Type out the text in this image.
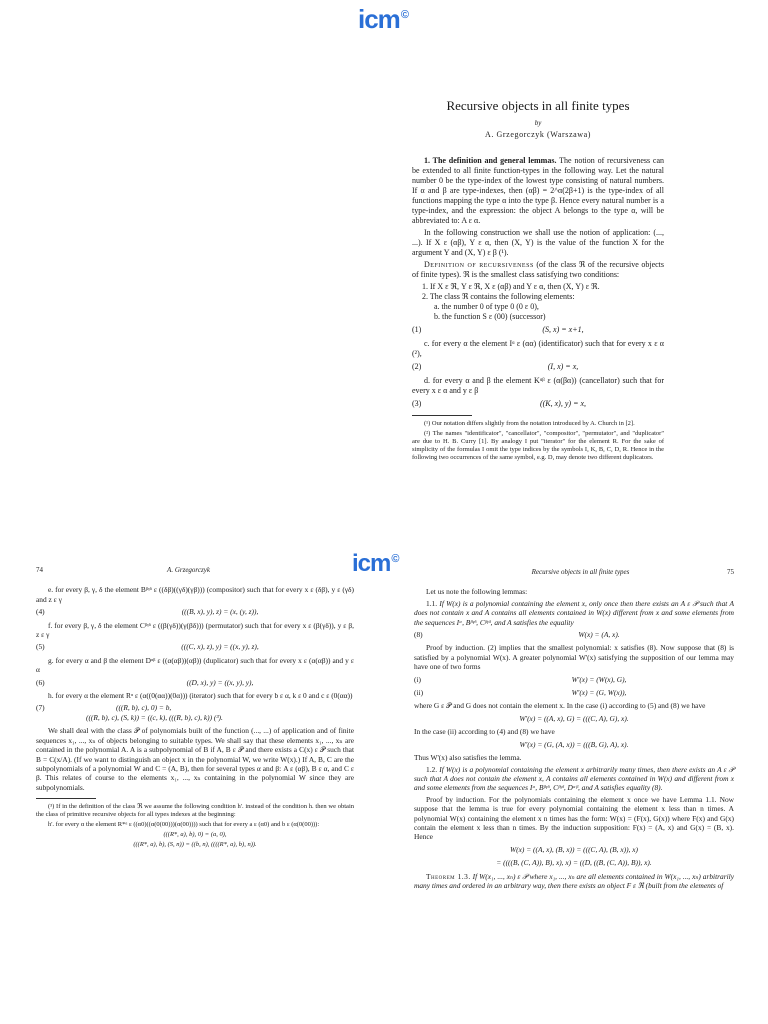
icm©
Recursive objects in all finite types
by
A. Grzegorczyk (Warszawa)

1. The definition and general lemmas. The notion of recursiveness can be extended to all finite function-types in the following way. Let the natural number 0 be the type-index of the lowest type consisting of natural numbers. If α and β are type-indexes, then (αβ) = 2^α(2β+1) is the type-index of all functions mapping the type α into the type β. Hence every natural number is a type-index, and the expression: the object A belongs to the type α, will be abbreviated to: A ε α.

In the following construction we shall use the notion of application: (..., ...). If X ε (αβ), Y ε α, then (X, Y) is the value of the function X for the argument Y and (X, Y) ε β (¹).

Definition of recursiveness (of the class ℜ of the recursive objects of finite types). ℜ is the smallest class satisfying two conditions:

1. If X ε ℜ, Y ε ℜ, X ε (αβ) and Y ε α, then (X, Y) ε ℜ.
2. The class ℜ contains the following elements:
a. the number 0 of type 0 (0 ε 0),
b. the function S ε (00) (successor)
(1)	(S, x) = x+1,

c. for every α the element Iᵅ ε (αα) (identificator) such that for every x ε α (²),

(2)	(I, x) = x,

d. for every α and β the element Kᵅᵝ ε (α(βα)) (cancellator) such that for every x ε α and y ε β

(3)	((K, x), y) = x,

(¹) Our notation differs slightly from the notation introduced by A. Church in [2].

(²) The names "identificator", "cancellator", "compositor", "permutator", and "duplicator" are due to H. B. Curry [1]. By analogy I put "iterator" for the element R. For the sake of simplicity of the formulas I omit the type indices by the symbols I, K, B, C, D, R. Hence in the following two occurrences of the same symbol, e.g. D, may denote two different duplicators.

icm©
74	A. Grzegorczyk

e. for every β, γ, δ the element Bᵝᵞᵟ ε ((δβ)((γδ)(γβ))) (compositor) such that for every x ε (δβ), y ε (γδ) and z ε γ

(4)	(((B, x), y), z) = (x, (y, z)),

f. for every β, γ, δ the element Cᵝᵞᵟ ε ((β(γδ))(γ(βδ))) (permutator) such that for every x ε (β(γδ)), y ε β, z ε γ

(5)	(((C, x), z), y) = ((x, y), z),

g. for every α and β the element Dᵅᵝ ε ((α(αβ))(αβ)) (duplicator) such that for every x ε (α(αβ)) and y ε α

(6)	((D, x), y) = ((x, y), y),

h. for every α the element Rᵅ ε (α((0(αα))(0α))) (iterator) such that for every b ε α, k ε 0 and c ε (0(αα))

(7)	(((R, b), c), 0) = b,
(((R, b), c), (S, k)) = ((c, k), (((R, b), c), k)) (³).

We shall deal with the class 𝒫 of polynomials built of the function (..., ...) of application and of finite sequences x₁, ..., xₙ of objects belonging to suitable types. We shall say that these elements x₁, ..., xₙ are contained in the polynomial A. A is a subpolynomial of B if A, B ε 𝒫 and there exists a C(x) ε 𝒫 such that B = C(x/A). (If we want to distinguish an object x in the polynomial W, we write W(x).) If A, B, C are the subpolynomials of a polynomial W and C = (A, B), then for several types α and β: A ε (αβ), B ε α, and C ε β. This relates of course to the elements x₁, ..., xₙ containing in the polynomial W since they are subpolynomials.

(³) If in the definition of the class ℜ we assume the following condition h'. instead of the condition h. then we obtain the class of primitive recursive objects for all types indexes at the beginning:

h'. for every α the element R*ᵅ ε ((α0)((α(0(00)))(α(00)))) such that for every a ε (α0) and b ε (α(0(00))):

(((R*, a), b), 0) = (a, 0),

(((R*, a), b), (S, n)) = ((b, n), ((((R*, a), b), n)).

Recursive objects in all finite types	75

Let us note the following lemmas:

1.1. If W(x) is a polynomial containing the element x, only once then there exists an A ε 𝒫 such that A does not contain x and A contains all elements contained in W(x) different from x and some elements from the sequences Iᵅ, Bᵝᵞᵟ, Cᵝᵞᵟ, and A satisfies the equality

(8)	W(x) = (A, x).

Proof by induction. (2) implies that the smallest polynomial: x satisfies (8). Now suppose that (8) is satisfied by a polynomial W(x). A greater polynomial W'(x) satisfying the supposition of our lemma may have one of two forms

(i)	W'(x) = (W(x), G),
(ii)	W'(x) = (G, W(x)),

where G ε 𝒫 and G does not contain the element x. In the case (i) according to (5) and (8) we have

W'(x) = ((A, x), G) = (((C, A), G), x).

In the case (ii) according to (4) and (8) we have

W'(x) = (G, (A, x)) = (((B, G), A), x).

Thus W'(x) also satisfies the lemma.

1.2. If W(x) is a polynomial containing the element x arbitrarily many times, then there exists an A ε 𝒫 such that A does not contain the element x, A contains all elements contained in W(x) and different from x and some elements from the sequences Iᵅ, Bᵝᵞᵟ, Cᵝᵞᵟ, Dᵅᵝ, and A satisfies equality (8).

Proof by induction. For the polynomials containing the element x once we have Lemma 1.1. Now suppose that the lemma is true for every polynomial containing the element x less than n times. A polynomial W(x) containing the element x n times has the form: W(x) = (F(x), G(x)) where F(x) and G(x) contain the element x less than n times. By the induction supposition: F(x) = (A, x) and G(x) = (B, x). Hence

W(x) = ((A, x), (B, x)) = (((C, A), (B, x)), x)
= ((((B, (C, A)), B), x), x) = ((D, ((B, (C, A)), B)), x).

Theorem 1.3. If W(x₁, ..., xₙ) ε 𝒫 where x₁, ..., xₙ are all elements contained in W(x₁, ..., xₙ) arbitrarily many times and ordered in an arbitrary way, then there exists an object F ε ℜ (built from the elements of
